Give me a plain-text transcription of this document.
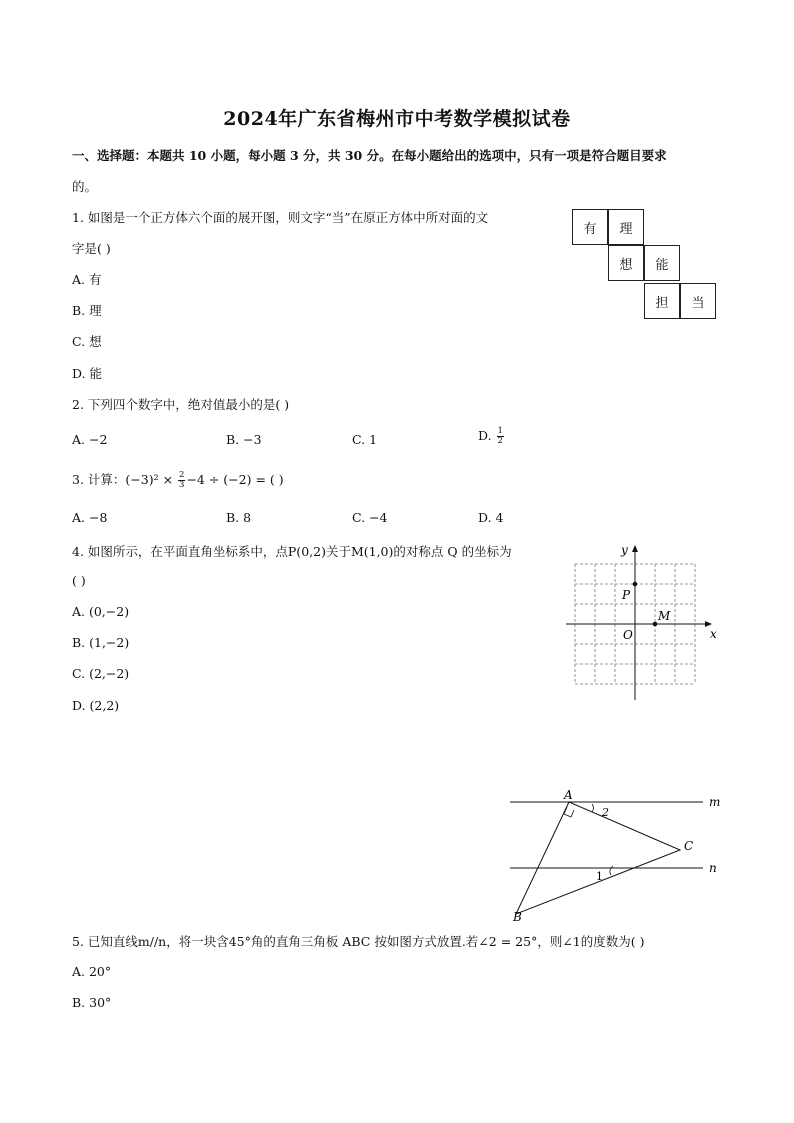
2024年广东省梅州市中考数学模拟试卷
一、选择题：本题共 10 小题，每小题 3 分，共 30 分。在每小题给出的选项中，只有一项是符合题目要求
的。
1. 如图是一个正方体六个面的展开图，则文字“当”在原正方体中所对面的文
字是( )
A. 有
B. 理
C. 想
D. 能
有	理
想	能
担	当
2. 下列四个数字中，绝对值最小的是( )
A. −2	B. −3	C. 1	D. $\frac{1}{2}$
3. 计算：$(-3)^2 \times \frac{2}{3} -4 \div (-2)$ = ( )
A. −8	B. 8	C. −4	D. 4
4. 如图所示，在平面直角坐标系中，点P(0,2)关于M(1,0)的对称点 Q 的坐标为
( )
A. (0,−2)
B. (1,−2)
C. (2,−2)
D. (2,2)
y
x
P
O
M
A
B
C
m
n
1
2
5. 已知直线m//n，将一块含45°角的直角三角板 ABC 按如图方式放置.若∠2 = 25°，则∠1的度数为( )
A. 20°
B. 30°
